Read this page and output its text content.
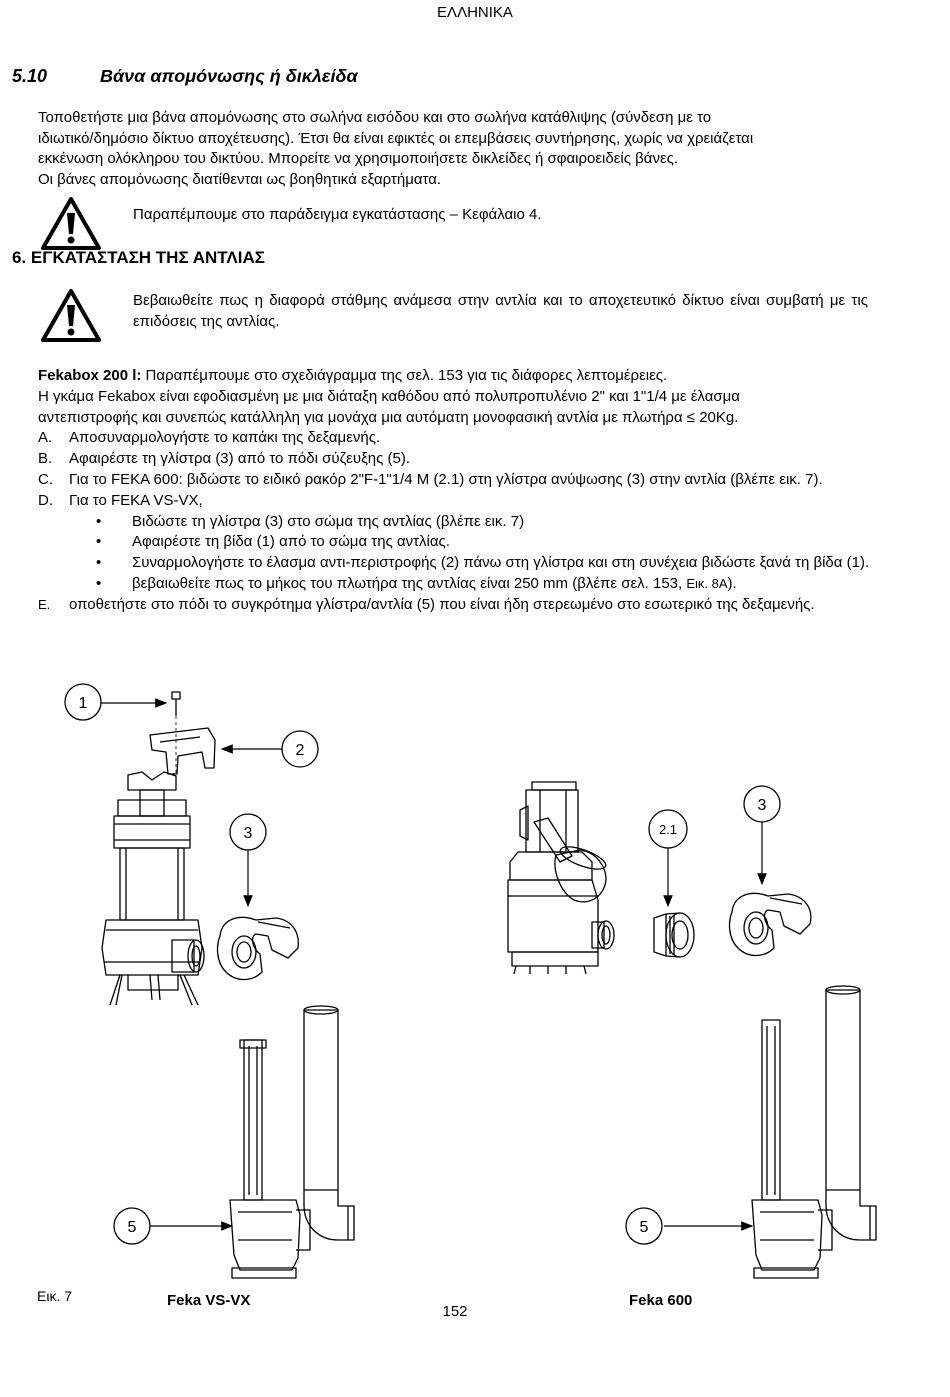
ΕΛΛΗΝΙΚΑ
5.10	Βάνα απομόνωσης ή δικλείδα

Τοποθετήστε μια βάνα απομόνωσης στο σωλήνα εισόδου και στο σωλήνα κατάθλιψης (σύνδεση με το

ιδιωτικό/δημόσιο δίκτυο αποχέτευσης). Έτσι θα είναι εφικτές οι επεμβάσεις συντήρησης, χωρίς να χρειάζεται

εκκένωση ολόκληρου του δικτύου. Μπορείτε να χρησιμοποιήσετε δικλείδες ή σφαιροειδείς βάνες.

Οι βάνες απομόνωσης διατίθενται ως βοηθητικά εξαρτήματα.

Παραπέμπουμε στο παράδειγμα εγκατάστασης – Κεφάλαιο 4.
6. ΕΓΚΑΤΑΣΤΑΣΗ ΤΗΣ ΑΝΤΛΙΑΣ
Βεβαιωθείτε πως η διαφορά στάθμης ανάμεσα στην αντλία και το αποχετευτικό δίκτυο είναι συμβατή με τις επιδόσεις της αντλίας.
Fekabox 200 l: Παραπέμπουμε στο σχεδιάγραμμα της σελ. 153 για τις διάφορες λεπτομέρειες.
Η γκάμα Fekabox είναι εφοδιασμένη με μια διάταξη καθόδου από πολυπροπυλένιο 2" και 1"1/4 με έλασμα
αντεπιστροφής και συνεπώς κατάλληλη για μονάχα μια αυτόματη μονοφασική αντλία με πλωτήρα ≤ 20Kg.
A.	Αποσυναρμολογήστε το καπάκι της δεξαμενής.
B.	Αφαιρέστε τη γλίστρα (3) από το πόδι σύζευξης (5).
C.	Για το FEKA 600: βιδώστε το ειδικό ρακόρ 2"F-1"1/4 M (2.1) στη γλίστρα ανύψωσης (3) στην αντλία (βλέπε εικ. 7).
D.	Για το FEKA VS-VX,
•	Βιδώστε τη γλίστρα (3) στο σώμα της αντλίας (βλέπε εικ. 7)
•	Αφαιρέστε τη βίδα (1) από το σώμα της αντλίας.
•	Συναρμολογήστε το έλασμα αντι-περιστροφής (2) πάνω στη γλίστρα και στη συνέχεια βιδώστε ξανά τη βίδα (1).
•	βεβαιωθείτε πως το μήκος του πλωτήρα της αντλίας είναι 250 mm (βλέπε σελ. 153, Εικ. 8Α).
E.	οποθετήστε στο πόδι το συγκρότημα γλίστρα/αντλία (5) που είναι ήδη στερεωμένο στο εσωτερικό της δεξαμενής.
1
2
3
5
3
2.1
5
Εικ. 7	Feka VS-VX	Feka 600
152
